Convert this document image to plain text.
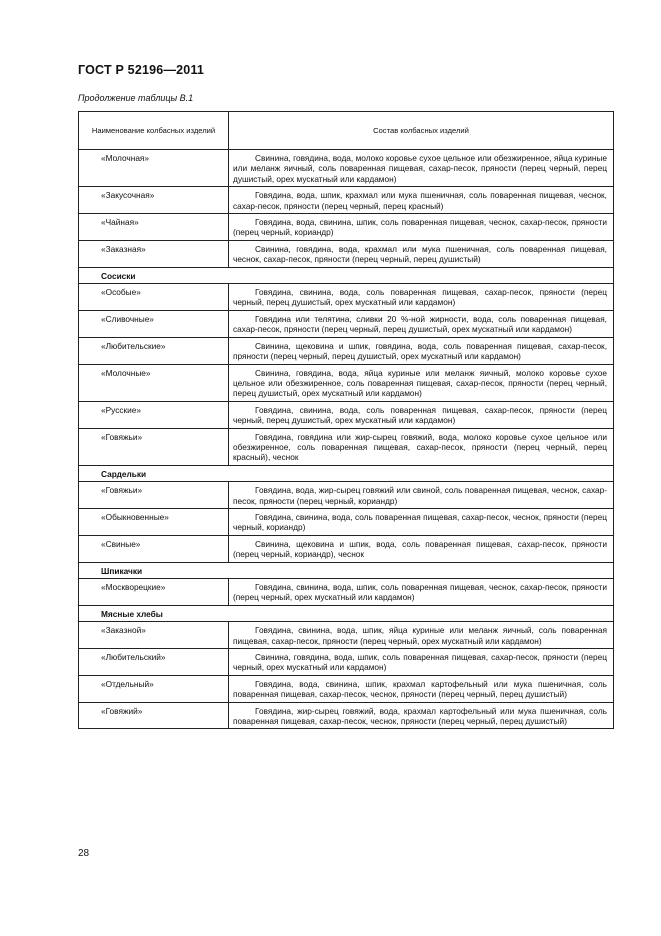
ГОСТ Р 52196—2011
Продолжение таблицы В.1
Наименование колбасных изделий	Состав колбасных изделий
«Молочная»	Свинина, говядина, вода, молоко коровье сухое цельное или обезжиренное, яйца куриные или меланж яичный, соль поваренная пищевая, сахар-песок, пряности (перец черный, перец душистый, орех мускатный или кардамон)
«Закусочная»	Говядина, вода, шпик, крахмал или мука пшеничная, соль поваренная пищевая, чеснок, сахар-песок, пряности (перец черный, перец красный)
«Чайная»	Говядина, вода, свинина, шпик, соль поваренная пищевая, чеснок, сахар-песок, пряности (перец черный, кориандр)
«Заказная»	Свинина, говядина, вода, крахмал или мука пшеничная, соль поваренная пищевая, чеснок, сахар-песок, пряности (перец черный, перец душистый)
Сосиски	
«Особые»	Говядина, свинина, вода, соль поваренная пищевая, сахар-песок, пряности (перец черный, перец душистый, орех мускатный или кардамон)
«Сливочные»	Говядина или телятина, сливки 20 %-ной жирности, вода, соль поваренная пищевая, сахар-песок, пряности (перец черный, перец душистый, орех мускатный или кардамон)
«Любительские»	Свинина, щековина и шпик, говядина, вода, соль поваренная пищевая, сахар-песок, пряности (перец черный, перец душистый, орех мускатный или кардамон)
«Молочные»	Свинина, говядина, вода, яйца куриные или меланж яичный, молоко коровье сухое цельное или обезжиренное, соль поваренная пищевая, сахар-песок, пряности (перец черный, перец душистый, орех мускатный или кардамон)
«Русские»	Говядина, свинина, вода, соль поваренная пищевая, сахар-песок, пряности (перец черный, перец душистый, орех мускатный или кардамон)
«Говяжьи»	Говядина, говядина или жир-сырец говяжий, вода, молоко коровье сухое цельное или обезжиренное, соль поваренная пищевая, сахар-песок, пряности (перец черный, перец красный), чеснок
Сардельки	
«Говяжьи»	Говядина, вода, жир-сырец говяжий или свиной, соль поваренная пищевая, чеснок, сахар-песок, пряности (перец черный, кориандр)
«Обыкновенные»	Говядина, свинина, вода, соль поваренная пищевая, сахар-песок, чеснок, пряности (перец черный, кориандр)
«Свиные»	Свинина, щековина и шпик, вода, соль поваренная пищевая, сахар-песок, пряности (перец черный, кориандр), чеснок
Шпикачки	
«Москворецкие»	Говядина, свинина, вода, шпик, соль поваренная пищевая, чеснок, сахар-песок, пряности (перец черный, орех мускатный или кардамон)
Мясные хлебы	
«Заказной»	Говядина, свинина, вода, шпик, яйца куриные или меланж яичный, соль поваренная пищевая, сахар-песок, пряности (перец черный, орех мускатный или кардамон)
«Любительский»	Свинина, говядина, вода, шпик, соль поваренная пищевая, сахар-песок, пряности (перец черный, орех мускатный или кардамон)
«Отдельный»	Говядина, вода, свинина, шпик, крахмал картофельный или мука пшеничная, соль поваренная пищевая, сахар-песок, чеснок, пряности (перец черный, перец душистый)
«Говяжий»	Говядина, жир-сырец говяжий, вода, крахмал картофельный или мука пшеничная, соль поваренная пищевая, сахар-песок, чеснок, пряности (перец черный, перец душистый)
28
